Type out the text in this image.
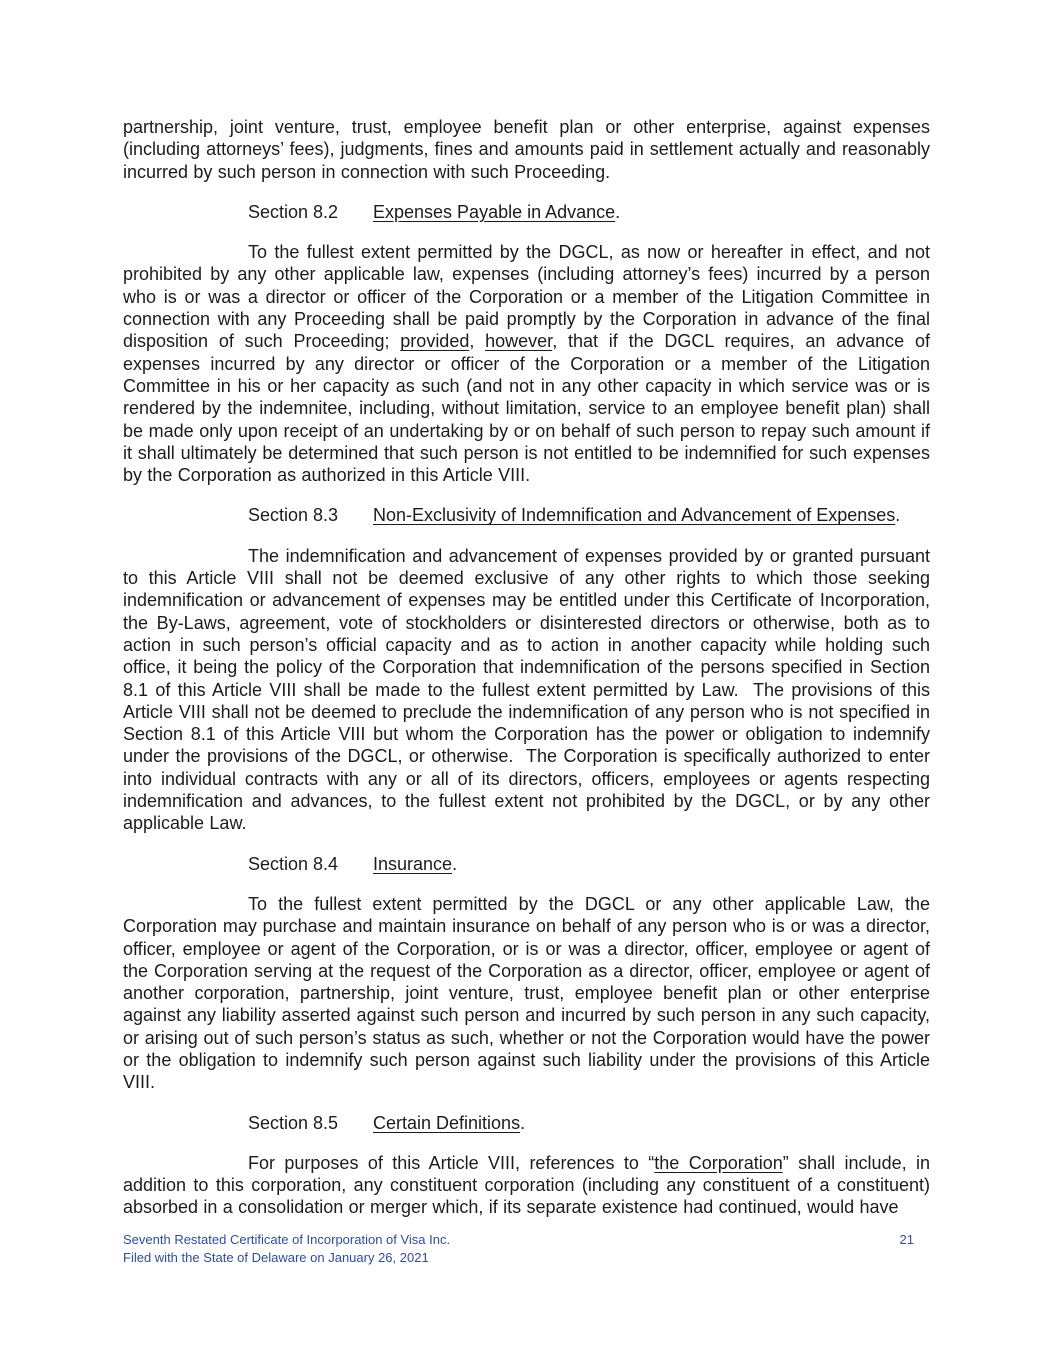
partnership, joint venture, trust, employee benefit plan or other enterprise, against expenses (including attorneys’ fees), judgments, fines and amounts paid in settlement actually and reasonably incurred by such person in connection with such Proceeding.

Section 8.2 Expenses Payable in Advance.

To the fullest extent permitted by the DGCL, as now or hereafter in effect, and not prohibited by any other applicable law, expenses (including attorney’s fees) incurred by a person who is or was a director or officer of the Corporation or a member of the Litigation Committee in connection with any Proceeding shall be paid promptly by the Corporation in advance of the final disposition of such Proceeding; provided, however, that if the DGCL requires, an advance of expenses incurred by any director or officer of the Corporation or a member of the Litigation Committee in his or her capacity as such (and not in any other capacity in which service was or is rendered by the indemnitee, including, without limitation, service to an employee benefit plan) shall be made only upon receipt of an undertaking by or on behalf of such person to repay such amount if it shall ultimately be determined that such person is not entitled to be indemnified for such expenses by the Corporation as authorized in this Article VIII.

Section 8.3 Non-Exclusivity of Indemnification and Advancement of Expenses.

The indemnification and advancement of expenses provided by or granted pursuant to this Article VIII shall not be deemed exclusive of any other rights to which those seeking indemnification or advancement of expenses may be entitled under this Certificate of Incorporation, the By-Laws, agreement, vote of stockholders or disinterested directors or otherwise, both as to action in such person’s official capacity and as to action in another capacity while holding such office, it being the policy of the Corporation that indemnification of the persons specified in Section 8.1 of this Article VIII shall be made to the fullest extent permitted by Law.  The provisions of this Article VIII shall not be deemed to preclude the indemnification of any person who is not specified in Section 8.1 of this Article VIII but whom the Corporation has the power or obligation to indemnify under the provisions of the DGCL, or otherwise.  The Corporation is specifically authorized to enter into individual contracts with any or all of its directors, officers, employees or agents respecting indemnification and advances, to the fullest extent not prohibited by the DGCL, or by any other applicable Law.

Section 8.4 Insurance.

To the fullest extent permitted by the DGCL or any other applicable Law, the Corporation may purchase and maintain insurance on behalf of any person who is or was a director, officer, employee or agent of the Corporation, or is or was a director, officer, employee or agent of the Corporation serving at the request of the Corporation as a director, officer, employee or agent of another corporation, partnership, joint venture, trust, employee benefit plan or other enterprise against any liability asserted against such person and incurred by such person in any such capacity, or arising out of such person’s status as such, whether or not the Corporation would have the power or the obligation to indemnify such person against such liability under the provisions of this Article VIII.

Section 8.5 Certain Definitions.

For purposes of this Article VIII, references to “the Corporation” shall include, in addition to this corporation, any constituent corporation (including any constituent of a constituent) absorbed in a consolidation or merger which, if its separate existence had continued, would have

Seventh Restated Certificate of Incorporation of Visa Inc.
Filed with the State of Delaware on January 26, 2021
21
